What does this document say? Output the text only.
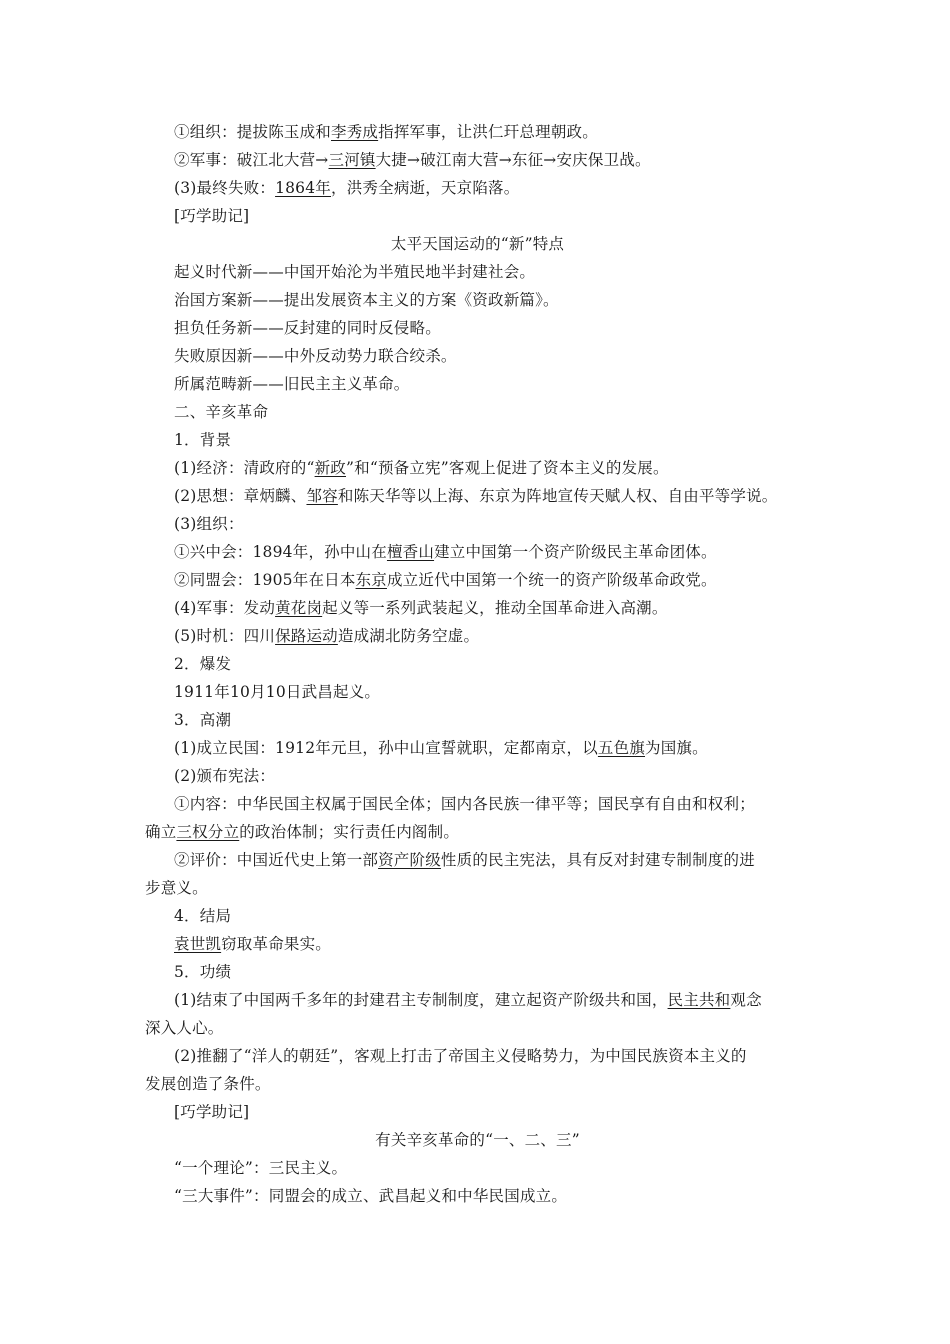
①组织：提拔陈玉成和李秀成指挥军事，让洪仁玕总理朝政。
②军事：破江北大营→三河镇大捷→破江南大营→东征→安庆保卫战。
(3)最终失败：1864年，洪秀全病逝，天京陷落。
[巧学助记]
太平天国运动的“新”特点
起义时代新——中国开始沦为半殖民地半封建社会。
治国方案新——提出发展资本主义的方案《资政新篇》。
担负任务新——反封建的同时反侵略。
失败原因新——中外反动势力联合绞杀。
所属范畴新——旧民主主义革命。
二、辛亥革命
1．背景
(1)经济：清政府的“新政”和“预备立宪”客观上促进了资本主义的发展。
(2)思想：章炳麟、邹容和陈天华等以上海、东京为阵地宣传天赋人权、自由平等学说。
(3)组织：
①兴中会：1894年，孙中山在檀香山建立中国第一个资产阶级民主革命团体。
②同盟会：1905年在日本东京成立近代中国第一个统一的资产阶级革命政党。
(4)军事：发动黄花岗起义等一系列武装起义，推动全国革命进入高潮。
(5)时机：四川保路运动造成湖北防务空虚。
2．爆发
1911年10月10日武昌起义。
3．高潮
(1)成立民国：1912年元旦，孙中山宣誓就职，定都南京，以五色旗为国旗。
(2)颁布宪法：
①内容：中华民国主权属于国民全体；国内各民族一律平等；国民享有自由和权利；
确立三权分立的政治体制；实行责任内阁制。
②评价：中国近代史上第一部资产阶级性质的民主宪法，具有反对封建专制制度的进
步意义。
4．结局
袁世凯窃取革命果实。
5．功绩
(1)结束了中国两千多年的封建君主专制制度，建立起资产阶级共和国，民主共和观念
深入人心。
(2)推翻了“洋人的朝廷”，客观上打击了帝国主义侵略势力，为中国民族资本主义的
发展创造了条件。
[巧学助记]
有关辛亥革命的“一、二、三”
“一个理论”：三民主义。
“三大事件”：同盟会的成立、武昌起义和中华民国成立。
